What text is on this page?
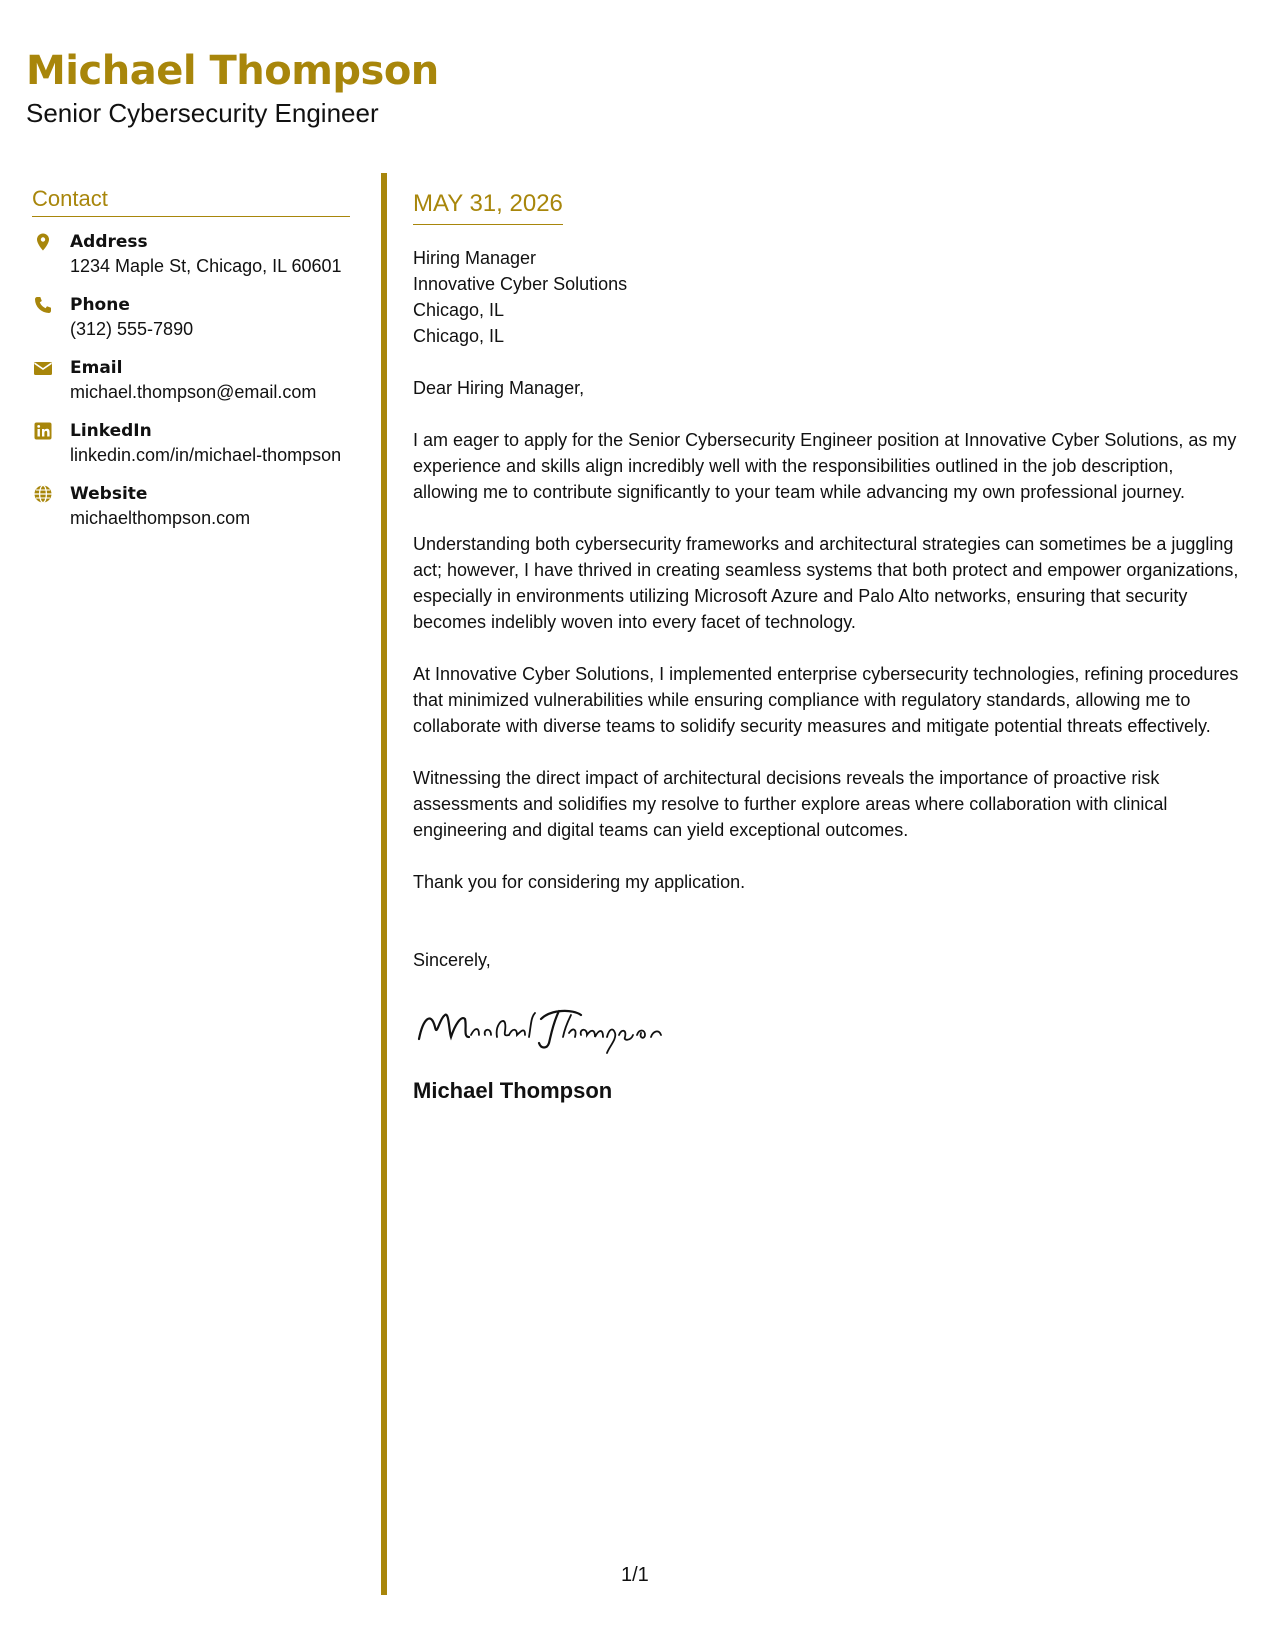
Michael Thompson
Senior Cybersecurity Engineer
Contact
Address
1234 Maple St, Chicago, IL 60601
Phone
(312) 555-7890
Email
michael.thompson@email.com
LinkedIn
linkedin.com/in/michael-thompson
Website
michaelthompson.com
MAY 31, 2026
Hiring Manager
Innovative Cyber Solutions
Chicago, IL
Chicago, IL
Dear Hiring Manager,

I am eager to apply for the Senior Cybersecurity Engineer position at Innovative Cyber Solutions, as my experience and skills align incredibly well with the responsibilities outlined in the job description, allowing me to contribute significantly to your team while advancing my own professional journey.

Understanding both cybersecurity frameworks and architectural strategies can sometimes be a juggling act; however, I have thrived in creating seamless systems that both protect and empower organizations, especially in environments utilizing Microsoft Azure and Palo Alto networks, ensuring that security becomes indelibly woven into every facet of technology.

At Innovative Cyber Solutions, I implemented enterprise cybersecurity technologies, refining procedures that minimized vulnerabilities while ensuring compliance with regulatory standards, allowing me to collaborate with diverse teams to solidify security measures and mitigate potential threats effectively.

Witnessing the direct impact of architectural decisions reveals the importance of proactive risk assessments and solidifies my resolve to further explore areas where collaboration with clinical engineering and digital teams can yield exceptional outcomes.

Thank you for considering my application.

Sincerely,
Michael Thompson
1/1
